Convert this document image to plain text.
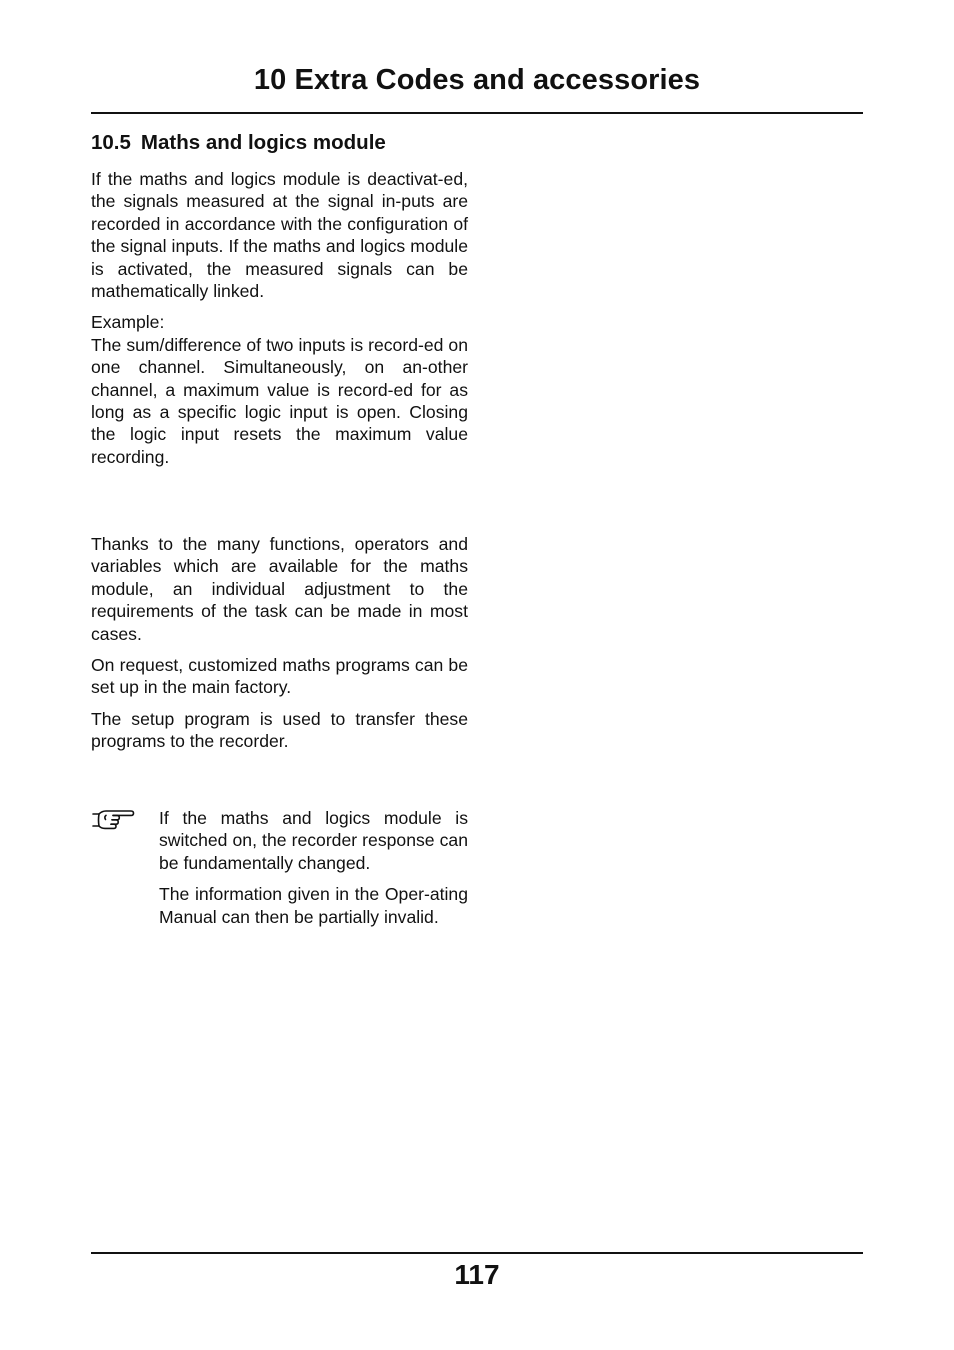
10 Extra Codes and accessories
10.5 Maths and logics module

If the maths and logics module is deactivat-ed, the signals measured at the signal in-puts are recorded in accordance with the configuration of the signal inputs. If the maths and logics module is activated, the measured signals can be mathematically linked.

Example:

The sum/difference of two inputs is record-ed on one channel. Simultaneously, on an-other channel, a maximum value is record-ed for as long as a specific logic input is open. Closing the logic input resets the maximum value recording.

Thanks to the many functions, operators and variables which are available for the maths module, an individual adjustment to the requirements of the task can be made in most cases.

On request, customized maths programs can be set up in the main factory.

The setup program is used to transfer these programs to the recorder.

If the maths and logics module is switched on, the recorder response can be fundamentally changed.

The information given in the Oper-ating Manual can then be partially invalid.

117
